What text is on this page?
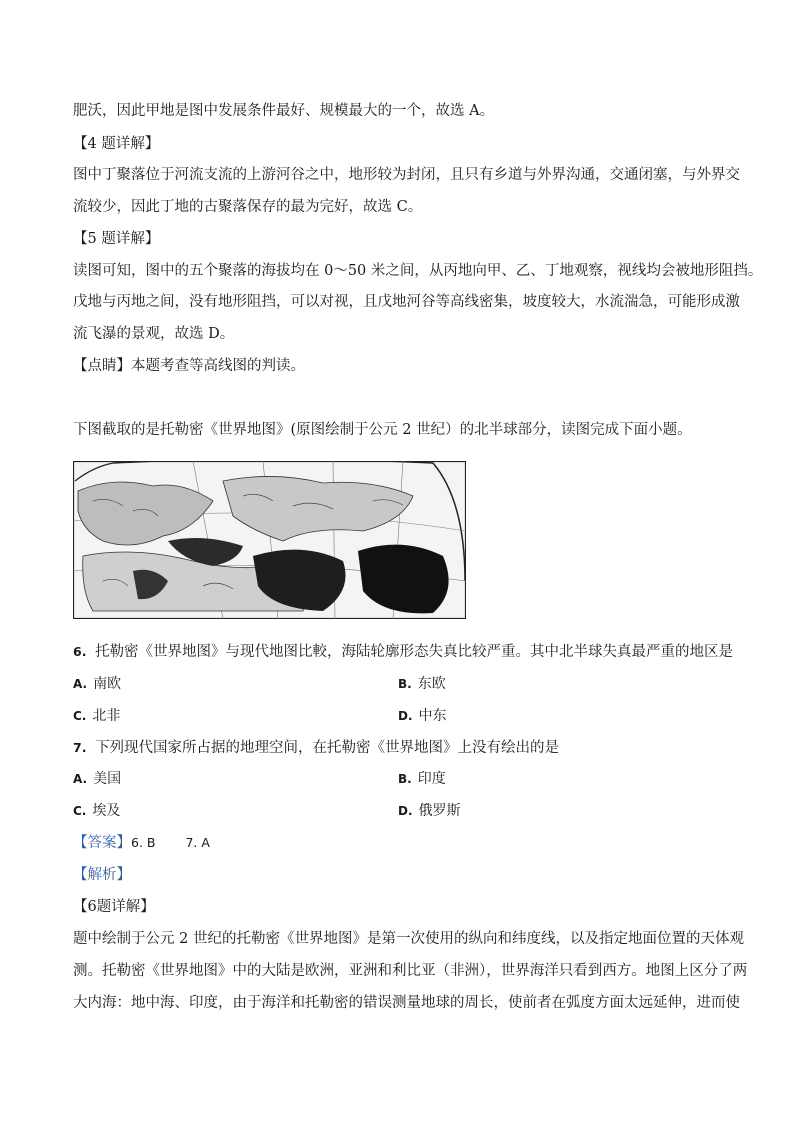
肥沃，因此甲地是图中发展条件最好、规模最大的一个，故选 A。
【4 题详解】
图中丁聚落位于河流支流的上游河谷之中，地形较为封闭，且只有乡道与外界沟通，交通闭塞，与外界交
流较少，因此丁地的古聚落保存的最为完好，故选 C。
【5 题详解】
读图可知，图中的五个聚落的海拔均在 0～50 米之间，从丙地向甲、乙、丁地观察，视线均会被地形阻挡。
戊地与丙地之间，没有地形阻挡，可以对视，且戊地河谷等高线密集，坡度较大，水流湍急，可能形成激
流飞瀑的景观，故选 D。
【点睛】本题考查等高线图的判读。
下图截取的是托勒密《世界地图》(原图绘制于公元 2 世纪）的北半球部分，读图完成下面小题。
6. 托勒密《世界地图》与现代地图比較，海陆轮廓形态失真比较严重。其中北半球失真最严重的地区是
A. 南欧	B. 东欧
C. 北非	D. 中东
7. 下列现代国家所占据的地理空间，在托勒密《世界地图》上没有绘出的是
A. 美国	B. 印度
C. 埃及	D. 俄罗斯
【答案】6. B 7. A
【解析】
【6题详解】
题中绘制于公元 2 世纪的托勒密《世界地图》是第一次使用的纵向和纬度线，以及指定地面位置的天体观
测。托勒密《世界地图》中的大陆是欧洲，亚洲和利比亚（非洲），世界海洋只看到西方。地图上区分了两
大内海：地中海、印度，由于海洋和托勒密的错误测量地球的周长，使前者在弧度方面太远延伸，进而使
